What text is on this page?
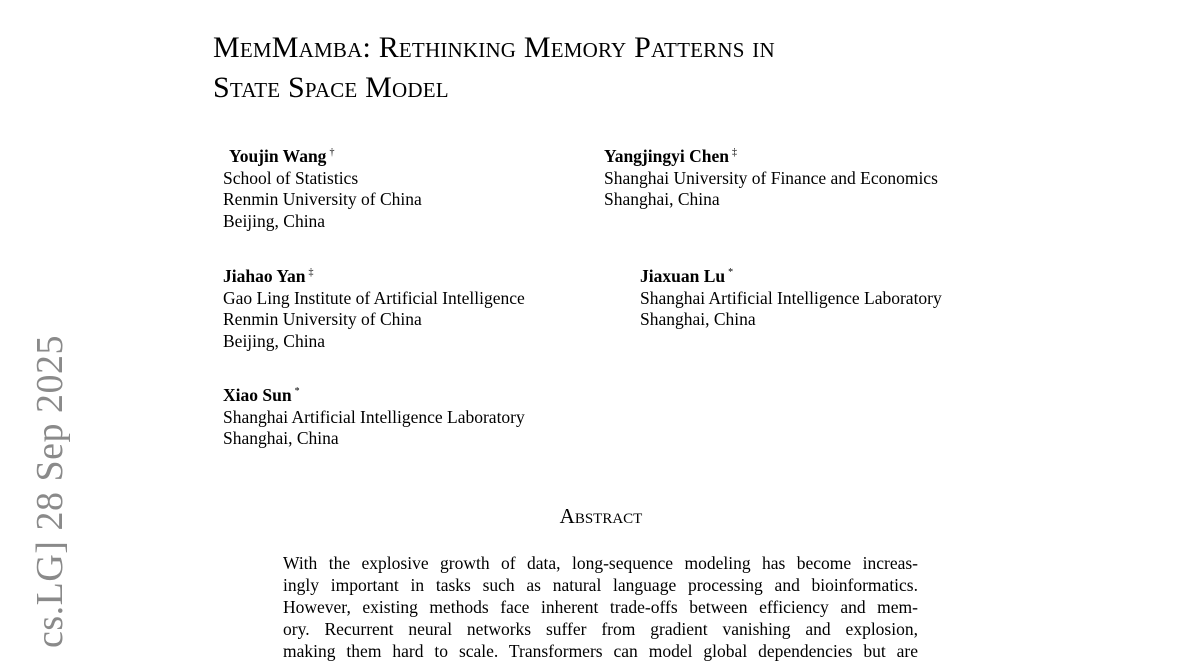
MemMamba: Rethinking Memory Patterns in
State Space Model
Youjin Wang †
School of Statistics
Renmin University of China
Beijing, China
Yangjingyi Chen ‡
Shanghai University of Finance and Economics
Shanghai, China
Jiahao Yan ‡
Gao Ling Institute of Artificial Intelligence
Renmin University of China
Beijing, China
Jiaxuan Lu *
Shanghai Artificial Intelligence Laboratory
Shanghai, China
Xiao Sun *
Shanghai Artificial Intelligence Laboratory
Shanghai, China
Abstract
With the explosive growth of data, long-sequence modeling has become increas-
ingly important in tasks such as natural language processing and bioinformatics.
However, existing methods face inherent trade-offs between efficiency and mem-
ory. Recurrent neural networks suffer from gradient vanishing and explosion,
making them hard to scale. Transformers can model global dependencies but are
cs.LG] 28 Sep 2025
